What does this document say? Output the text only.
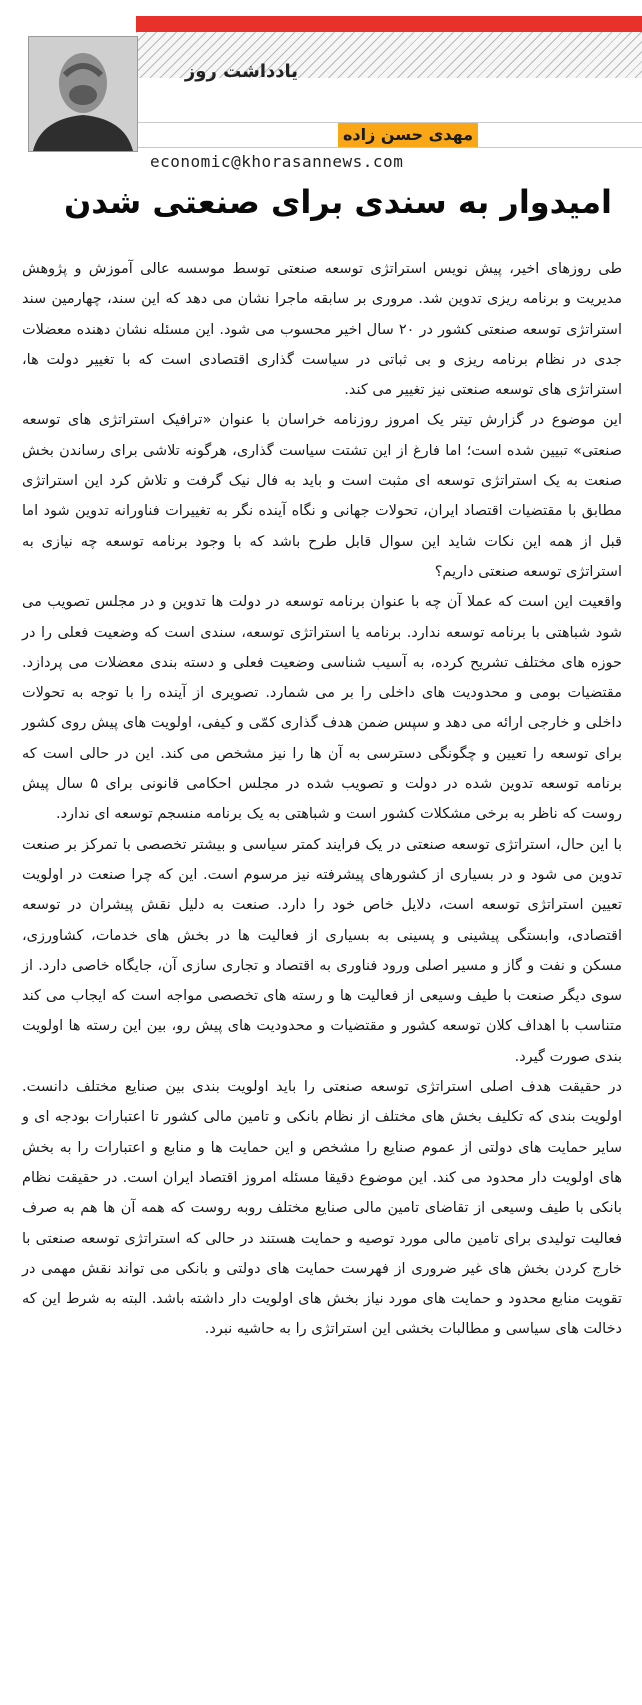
یادداشت روز
مهدی حسن زاده
economic@khorasannews.com
امیدوار به سندی برای صنعتی شدن

طی روزهای اخیر، پیش نویس استراتژی توسعه صنعتی توسط موسسه عالی آموزش و پژوهش مدیریت و برنامه ریزی تدوین شد. مروری بر سابقه ماجرا نشان می دهد که این سند، چهارمین سند استراتژی توسعه صنعتی کشور در ۲۰ سال اخیر محسوب می شود. این مسئله نشان دهنده معضلات جدی در نظام برنامه ریزی و بی ثباتی در سیاست گذاری اقتصادی است که با تغییر دولت ها، استراتژی های توسعه صنعتی نیز تغییر می کند.

این موضوع در گزارش تیتر یک امروز روزنامه خراسان با عنوان «ترافیک استراتژی های توسعه صنعتی» تبیین شده است؛ اما فارغ از این تشتت سیاست گذاری، هرگونه تلاشی برای رساندن بخش صنعت به یک استراتژی توسعه ای مثبت است و باید به فال نیک گرفت و تلاش کرد این استراتژی مطابق با مقتضیات اقتصاد ایران، تحولات جهانی و نگاه آینده نگر به تغییرات فناورانه تدوین شود اما قبل از همه این نکات شاید این سوال قابل طرح باشد که با وجود برنامه توسعه چه نیازی به استراتژی توسعه صنعتی داریم؟

واقعیت این است که عملا آن چه با عنوان برنامه توسعه در دولت ها تدوین و در مجلس تصویب می شود شباهتی با برنامه توسعه ندارد. برنامه یا استراتژی توسعه، سندی است که وضعیت فعلی را در حوزه های مختلف تشریح کرده، به آسیب شناسی وضعیت فعلی و دسته بندی معضلات می پردازد. مقتضیات بومی و محدودیت های داخلی را بر می شمارد. تصویری از آینده را با توجه به تحولات داخلی و خارجی ارائه می دهد و سپس ضمن هدف گذاری کمّی و کیفی، اولویت های پیش روی کشور برای توسعه را تعیین و چگونگی دسترسی به آن ها را نیز مشخص می کند. این در حالی است که برنامه توسعه تدوین شده در دولت و تصویب شده در مجلس احکامی قانونی برای ۵ سال پیش روست که ناظر به برخی مشکلات کشور است و شباهتی به یک برنامه منسجم توسعه ای ندارد.

با این حال، استراتژی توسعه صنعتی در یک فرایند کمتر سیاسی و بیشتر تخصصی با تمرکز بر صنعت تدوین می شود و در بسیاری از کشورهای پیشرفته نیز مرسوم است. این که چرا صنعت در اولویت تعیین استراتژی توسعه است، دلایل خاص خود را دارد. صنعت به دلیل نقش پیشران در توسعه اقتصادی، وابستگی پیشینی و پسینی به بسیاری از فعالیت ها در بخش های خدمات، کشاورزی، مسکن و نفت و گاز و مسیر اصلی ورود فناوری به اقتصاد و تجاری سازی آن، جایگاه خاصی دارد. از سوی دیگر صنعت با طیف وسیعی از فعالیت ها و رسته های تخصصی مواجه است که ایجاب می کند متناسب با اهداف کلان توسعه کشور و مقتضیات و محدودیت های پیش رو، بین این رسته ها اولویت بندی صورت گیرد.

در حقیقت هدف اصلی استراتژی توسعه صنعتی را باید اولویت بندی بین صنایع مختلف دانست. اولویت بندی که تکلیف بخش های مختلف از نظام بانکی و تامین مالی کشور تا اعتبارات بودجه ای و سایر حمایت های دولتی از عموم صنایع را مشخص و این حمایت ها و منابع و اعتبارات را به بخش های اولویت دار محدود می کند. این موضوع دقیقا مسئله امروز اقتصاد ایران است. در حقیقت نظام بانکی با طیف وسیعی از تقاضای تامین مالی صنایع مختلف روبه روست که همه آن ها هم به صرف فعالیت تولیدی برای تامین مالی مورد توصیه و حمایت هستند در حالی که استراتژی توسعه صنعتی با خارج کردن بخش های غیر ضروری از فهرست حمایت های دولتی و بانکی می تواند نقش مهمی در تقویت منابع محدود و حمایت های مورد نیاز بخش های اولویت دار داشته باشد. البته به شرط این که دخالت های سیاسی و مطالبات بخشی این استراتژی را به حاشیه نبرد.
